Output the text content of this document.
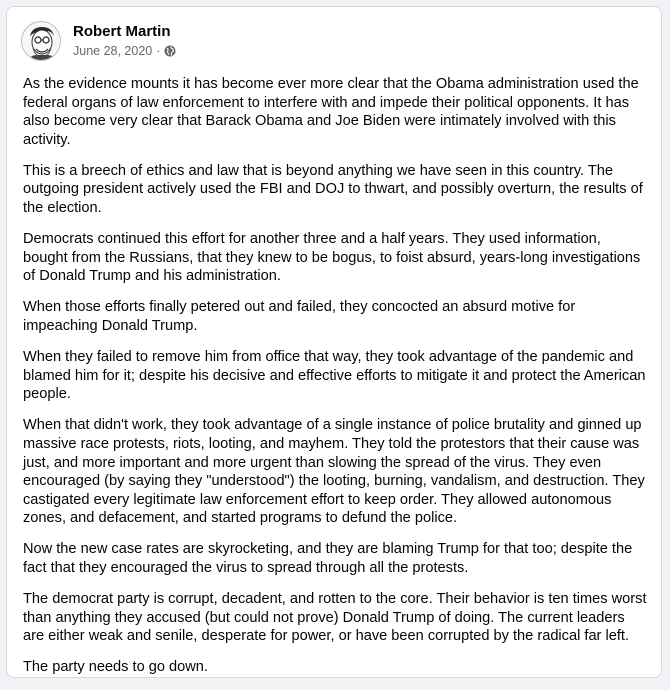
Robert Martin
June 28, 2020 ·

As the evidence mounts it has become ever more clear that the Obama administration used the federal organs of law enforcement to interfere with and impede their political opponents. It has also become very clear that Barack Obama and Joe Biden were intimately involved with this activity.

This is a breech of ethics and law that is beyond anything we have seen in this country. The outgoing president actively used the FBI and DOJ to thwart, and possibly overturn, the results of the election.

Democrats continued this effort for another three and a half years. They used information, bought from the Russians, that they knew to be bogus, to foist absurd, years-long investigations of Donald Trump and his administration.

When those efforts finally petered out and failed, they concocted an absurd motive for impeaching Donald Trump.

When they failed to remove him from office that way, they took advantage of the pandemic and blamed him for it; despite his decisive and effective efforts to mitigate it and protect the American people.

When that didn't work, they took advantage of a single instance of police brutality and ginned up massive race protests, riots, looting, and mayhem. They told the protestors that their cause was just, and more important and more urgent than slowing the spread of the virus. They even encouraged (by saying they "understood") the looting, burning, vandalism, and destruction. They castigated every legitimate law enforcement effort to keep order. They allowed autonomous zones, and defacement, and started programs to defund the police.

Now the new case rates are skyrocketing, and they are blaming Trump for that too; despite the fact that they encouraged the virus to spread through all the protests.

The democrat party is corrupt, decadent, and rotten to the core. Their behavior is ten times worst than anything they accused (but could not prove) Donald Trump of doing. The current leaders are either weak and senile, desperate for power, or have been corrupted by the radical far left.

The party needs to go down.
